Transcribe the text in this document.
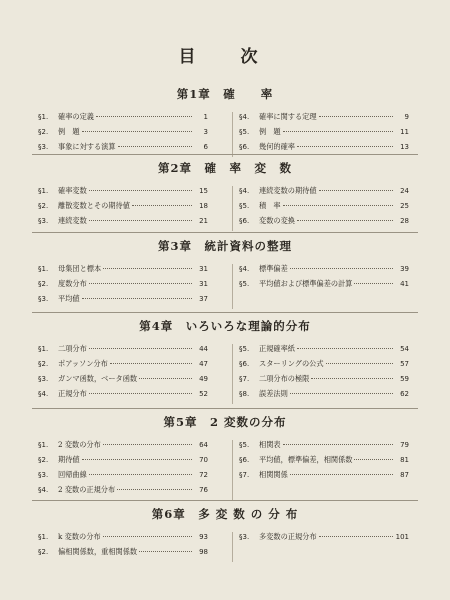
目　次
第1章　確　　率
§1.	確率の定義	1
§2.	例　題	3
§3.	事象に対する演算	6
§4.	確率に関する定理	9
§5.	例　題	11
§6.	幾何的確率	13
第2章　確　率　変　数
§1.	確率変数	15
§2.	離散変数とその期待値	18
§3.	連続変数	21
§4.	連続変数の期待値	24
§5.	積　率	25
§6.	変数の変換	28
第3章　統計資料の整理
§1.	母集団と標本	31
§2.	度数分布	31
§3.	平均値	37
§4.	標準偏差	39
§5.	平均値および標準偏差の計算	41
第4章　いろいろな理論的分布
§1.	二項分布	44
§2.	ポアッソン分布	47
§3.	ガンマ函数，ベータ函数	49
§4.	正規分布	52
§5.	正規確率紙	54
§6.	スターリングの公式	57
§7.	二項分布の極限	59
§8.	誤差法則	62
第5章　2 変数の分布
§1.	2 変数の分布	64
§2.	期待値	70
§3.	回帰曲線	72
§4.	2 変数の正規分布	76
§5.	相関表	79
§6.	平均値，標準偏差，相関係数	81
§7.	相関関係	87
第6章　多 変 数 の 分 布
§1.	k 変数の分布	93
§2.	偏相関係数，重相関係数	98
§3.	多変数の正規分布	101
